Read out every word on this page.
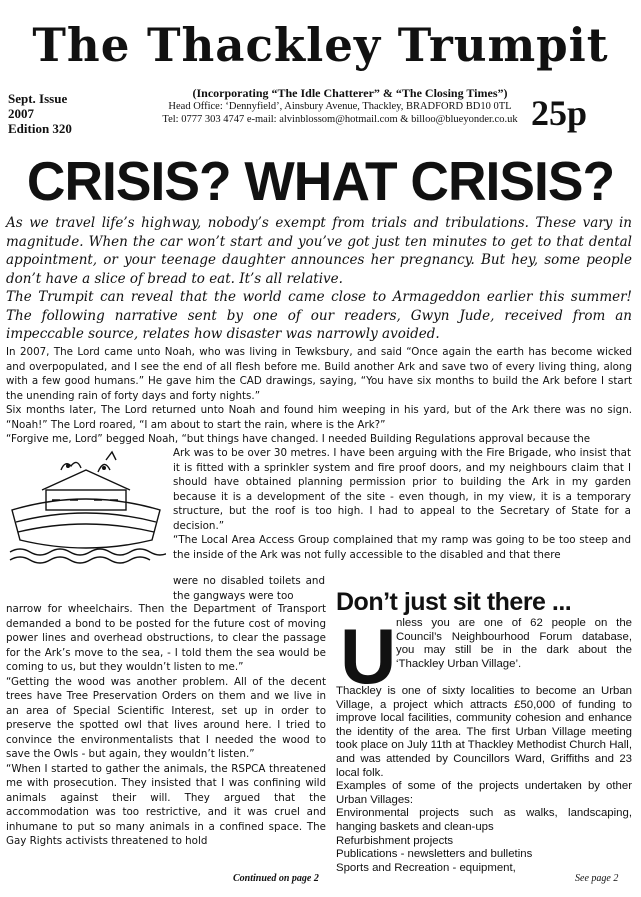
The Thackley Trumpit
Sept. Issue
2007
Edition 320
(Incorporating “The Idle Chatterer” & “The Closing Times”)
Head Office: ‘Dennyfield’, Ainsbury Avenue, Thackley, BRADFORD BD10 0TL
Tel: 0777 303 4747 e-mail: alvinblossom@hotmail.com & billoo@blueyonder.co.uk 25p
CRISIS? WHAT CRISIS?

As we travel life’s highway, nobody’s exempt from trials and tribulations. These vary in magnitude. When the car won’t start and you’ve got just ten minutes to get to that dental appointment, or your teenage daughter announces her pregnancy. But hey, some people don’t have a slice of bread to eat. It’s all relative.

The Trumpit can reveal that the world came close to Armageddon earlier this summer! The following narrative sent by one of our readers, Gwyn Jude, received from an impeccable source, relates how disaster was narrowly avoided.

In 2007, The Lord came unto Noah, who was living in Tewksbury, and said “Once again the earth has become wicked and overpopulated, and I see the end of all flesh before me. Build another Ark and save two of every living thing, along with a few good humans.” He gave him the CAD drawings, saying, “You have six months to build the Ark before I start the unending rain of forty days and forty nights.”

Six months later, The Lord returned unto Noah and found him weeping in his yard, but of the Ark there was no sign. “Noah!” The Lord roared, “I am about to start the rain, where is the Ark?”

“Forgive me, Lord” begged Noah, “but things have changed. I needed Building Regulations approval because the

Ark was to be over 30 metres. I have been arguing with the Fire Brigade, who insist that it is fitted with a sprinkler system and fire proof doors, and my neighbours claim that I should have obtained planning permission prior to building the Ark in my garden because it is a development of the site - even though, in my view, it is a temporary structure, but the roof is too high. I had to appeal to the Secretary of State for a decision.”

“The Local Area Access Group complained that my ramp was going to be too steep and the inside of the Ark was not fully accessible to the disabled and that there

were no disabled toilets and the gangways were too

narrow for wheelchairs. Then the Department of Transport demanded a bond to be posted for the future cost of moving power lines and overhead obstructions, to clear the passage for the Ark’s move to the sea, - I told them the sea would be coming to us, but they wouldn’t listen to me.”

“Getting the wood was another problem. All of the decent trees have Tree Preservation Orders on them and we live in an area of Special Scientific Interest, set up in order to preserve the spotted owl that lives around here. I tried to convince the environmentalists that I needed the wood to save the Owls - but again, they wouldn’t listen.”

“When I started to gather the animals, the RSPCA threatened me with prosecution. They insisted that I was confining wild animals against their will. They argued that the accommodation was too restrictive, and it was cruel and inhumane to put so many animals in a confined space. The Gay Rights activists threatened to hold

Continued on page 2
Don’t just sit there ...
U nless you are one of 62 people on the Council’s Neighbourhood Forum database, you may still be in the dark about the ‘Thackley Urban Village’.

Thackley is one of sixty localities to become an Urban Village, a project which attracts £50,000 of funding to improve local facilities, community cohesion and enhance the identity of the area. The first Urban Village meeting took place on July 11th at Thackley Methodist Church Hall, and was attended by Councillors Ward, Griffiths and 23 local folk.

Examples of some of the projects undertaken by other Urban Villages:

Environmental projects such as walks, landscaping, hanging baskets and clean-ups

Refurbishment projects

Publications - newsletters and bulletins

Sports and Recreation - equipment,

See page 2
